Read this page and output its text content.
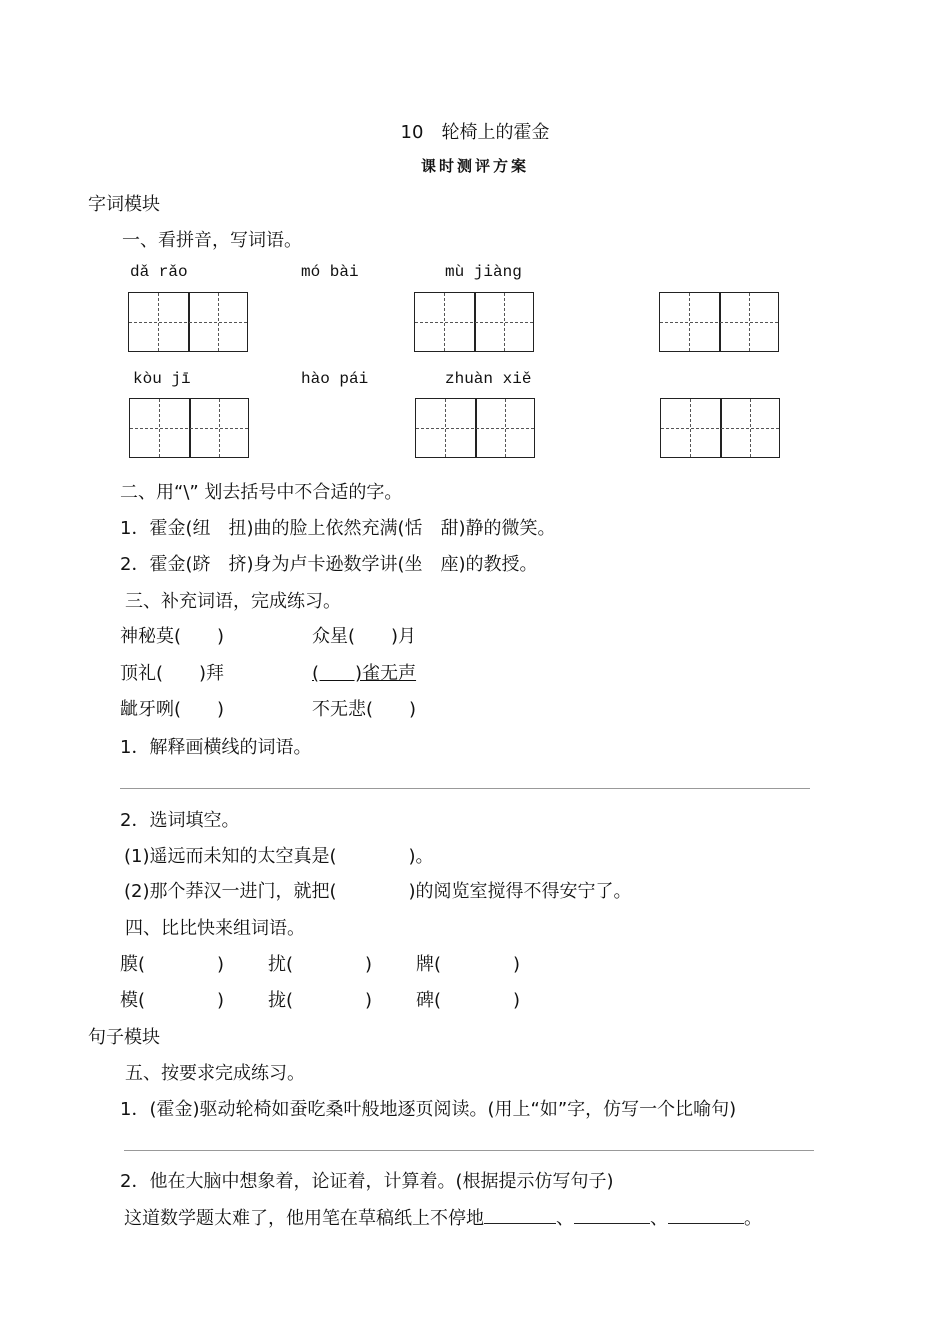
10　轮椅上的霍金
课时测评方案
字词模块
一、看拼音，写词语。
dǎ rǎo	mó bài	mù jiàng
kòu jī	hào pái	zhuàn xiě
二、用“\” 划去括号中不合适的字。
1．霍金(纽　扭)曲的脸上依然充满(恬　甜)静的微笑。
2．霍金(跻　挤)身为卢卡逊数学讲(坐　座)的教授。
三、补充词语，完成练习。
神秘莫(　　)	众星(　　)月
顶礼(　　)拜	(　　)雀无声
龇牙咧(　　)	不无悲(　　)
1．解释画横线的词语。
2．选词填空。
(1)遥远而未知的太空真是(　　　　)。
(2)那个莽汉一进门，就把(　　　　)的阅览室搅得不得安宁了。
四、比比快来组词语。
膜(　　　　) 扰(　　　　) 牌(　　　　)
模(　　　　) 拢(　　　　) 碑(　　　　)
句子模块
五、按要求完成练习。
1．(霍金)驱动轮椅如蚕吃桑叶般地逐页阅读。(用上“如”字，仿写一个比喻句)
2．他在大脑中想象着，论证着，计算着。(根据提示仿写句子)
这道数学题太难了，他用笔在草稿纸上不停地	、	、	。
